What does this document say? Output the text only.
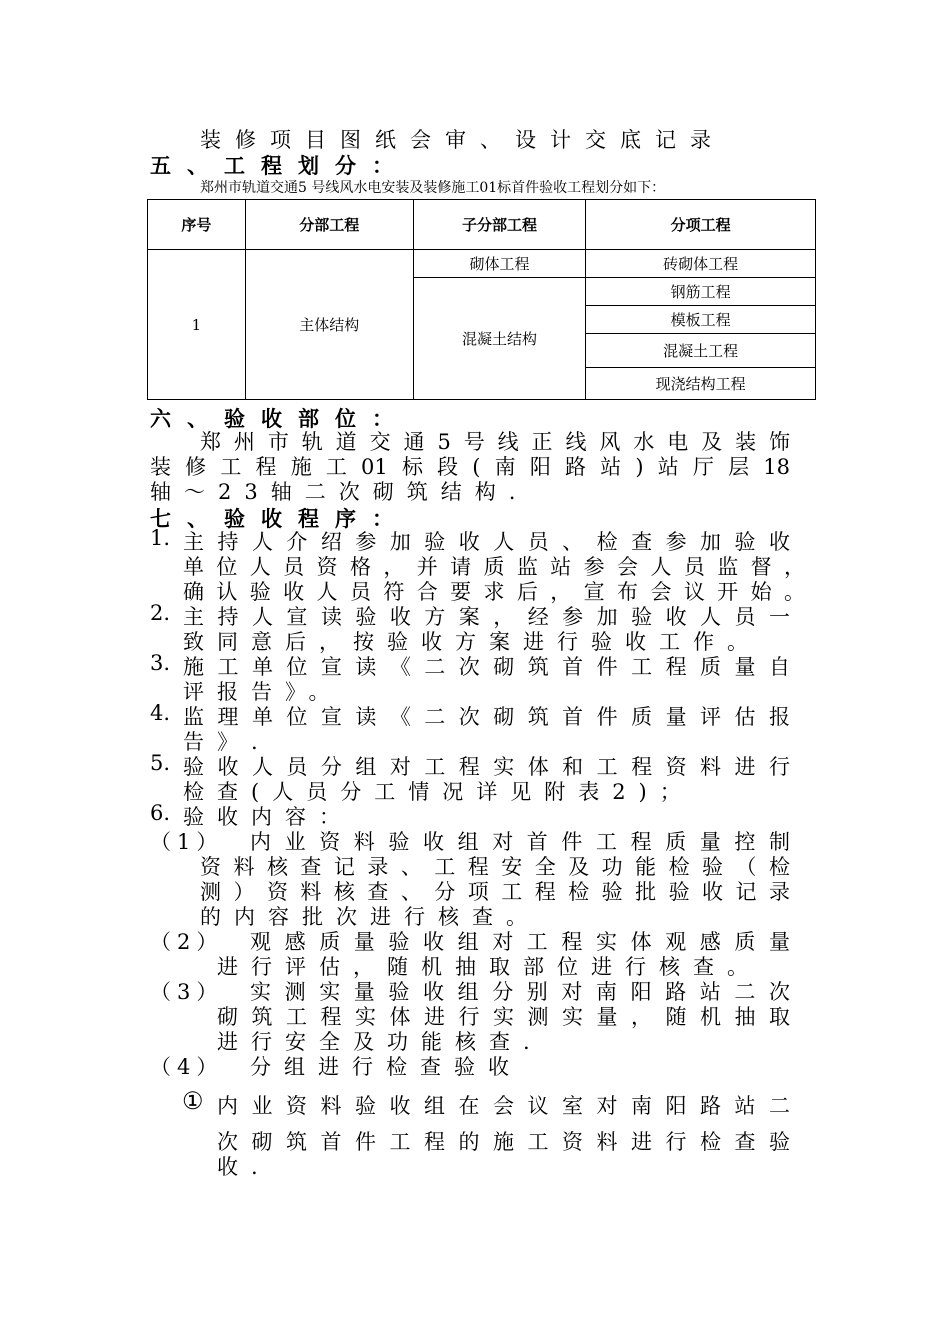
装修项目图纸会审、设计交底记录
五、工程划分：
郑州市轨道交通5 号线风水电安装及装修施工01标首件验收工程划分如下：
序号	分部工程	子分部工程	分项工程
1	主体结构	砌体工程	砖砌体工程
		混凝土结构	钢筋工程
			模板工程
			混凝土工程
			现浇结构工程
六、验收部位：
郑州市轨道交通5号线正线风水电及装饰
装修工程施工01标段(南阳路站)站厅层18
轴～23轴二次砌筑结构.
七、验收程序：
1. 主持人介绍参加验收人员、检查参加验收
单位人员资格，并请质监站参会人员监督，
确认验收人员符合要求后，宣布会议开始。
2. 主持人宣读验收方案，经参加验收人员一
致同意后，按验收方案进行验收工作。
3. 施工单位宣读《二次砌筑首件工程质量自
评报告》。
4. 监理单位宣读《二次砌筑首件质量评估报
告》.
5. 验收人员分组对工程实体和工程资料进行
检查(人员分工情况详见附表2)；
6. 验收内容：
（1） 内业资料验收组对首件工程质量控制
资料核查记录、工程安全及功能检验（检
测）资料核查、分项工程检验批验收记录
的内容批次进行核查。
（2） 观感质量验收组对工程实体观感质量
进行评估，随机抽取部位进行核查。
（3） 实测实量验收组分别对南阳路站二次
砌筑工程实体进行实测实量，随机抽取
进行安全及功能核查.
（4） 分组进行检查验收
① 内业资料验收组在会议室对南阳路站二
次砌筑首件工程的施工资料进行检查验
收.
